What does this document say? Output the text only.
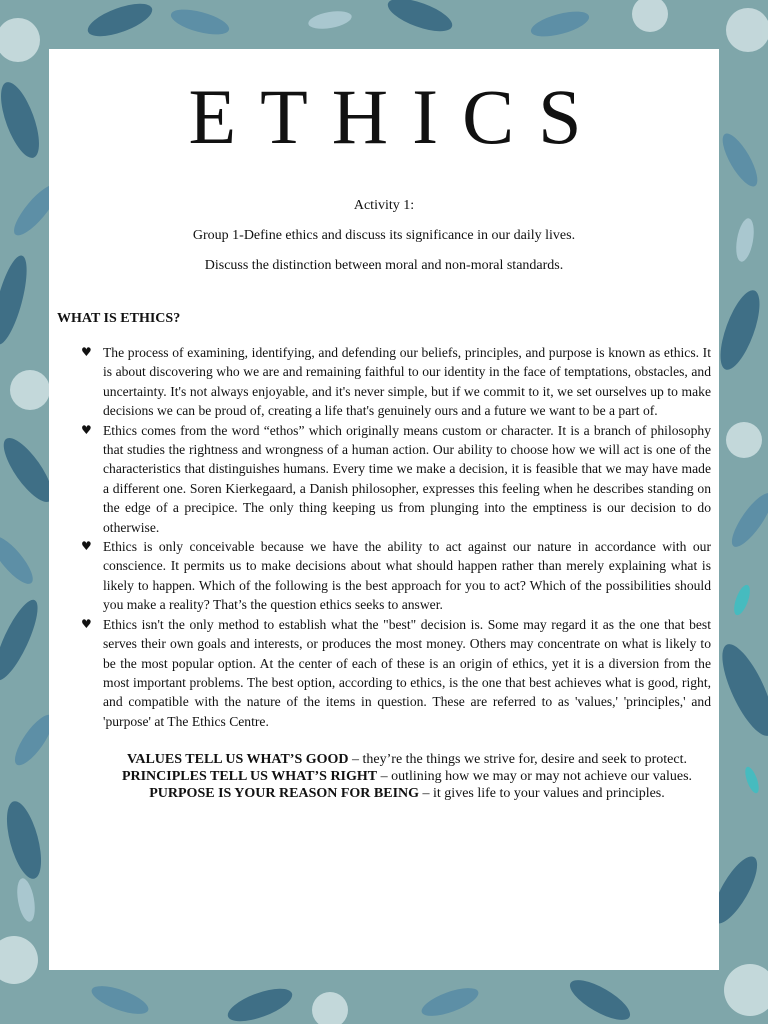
ETHICS
Activity 1:
Group 1-Define ethics and discuss its significance in our daily lives.
Discuss the distinction between moral and non-moral standards.
WHAT IS ETHICS?
♥ The process of examining, identifying, and defending our beliefs, principles, and purpose is known as ethics. It is about discovering who we are and remaining faithful to our identity in the face of temptations, obstacles, and uncertainty. It's not always enjoyable, and it's never simple, but if we commit to it, we set ourselves up to make decisions we can be proud of, creating a life that's genuinely ours and a future we want to be a part of.
♥ Ethics comes from the word “ethos” which originally means custom or character. It is a branch of philosophy that studies the rightness and wrongness of a human action. Our ability to choose how we will act is one of the characteristics that distinguishes humans. Every time we make a decision, it is feasible that we may have made a different one. Soren Kierkegaard, a Danish philosopher, expresses this feeling when he describes standing on the edge of a precipice. The only thing keeping us from plunging into the emptiness is our decision to do otherwise.
♥ Ethics is only conceivable because we have the ability to act against our nature in accordance with our conscience. It permits us to make decisions about what should happen rather than merely explaining what is likely to happen. Which of the following is the best approach for you to act? Which of the possibilities should you make a reality? That’s the question ethics seeks to answer.
♥ Ethics isn't the only method to establish what the "best" decision is. Some may regard it as the one that best serves their own goals and interests, or produces the most money. Others may concentrate on what is likely to be the most popular option. At the center of each of these is an origin of ethics, yet it is a diversion from the most important problems. The best option, according to ethics, is the one that best achieves what is good, right, and compatible with the nature of the items in question. These are referred to as 'values,' 'principles,' and 'purpose' at The Ethics Centre.
VALUES TELL US WHAT’S GOOD – they’re the things we strive for, desire and seek to protect.
PRINCIPLES TELL US WHAT’S RIGHT – outlining how we may or may not achieve our values.
PURPOSE IS YOUR REASON FOR BEING – it gives life to your values and principles.
